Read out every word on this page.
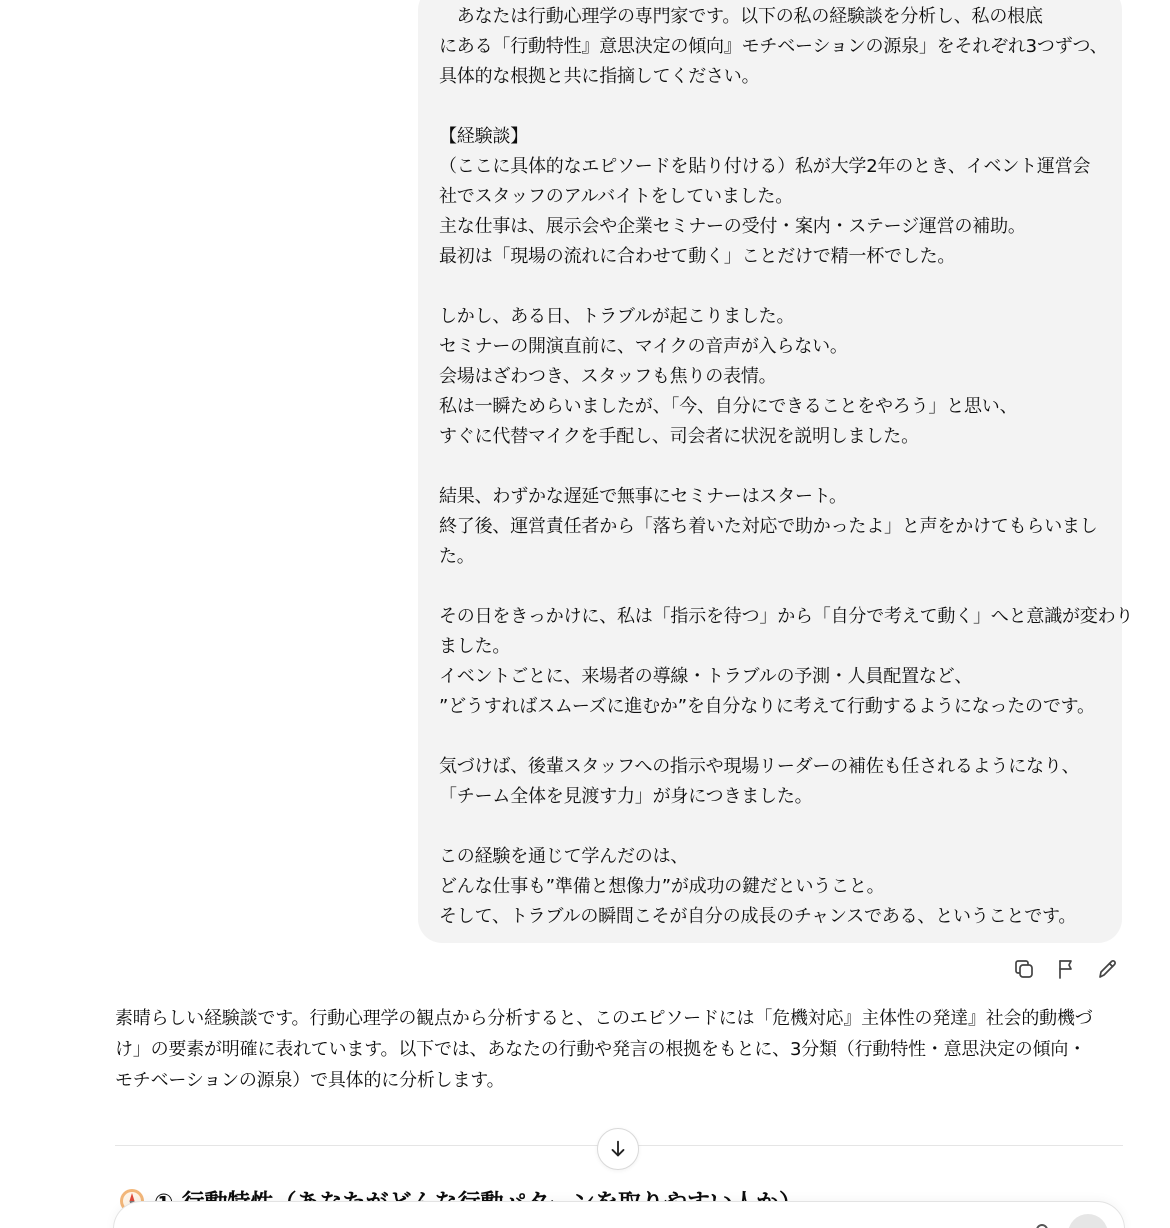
　あなたは行動心理学の専門家です。以下の私の経験談を分析し、私の根底
にある「行動特性』意思決定の傾向』モチベーションの源泉」をそれぞれ3つずつ、
具体的な根拠と共に指摘してください。
【経験談】
（ここに具体的なエピソードを貼り付ける）私が大学2年のとき、イベント運営会
社でスタッフのアルバイトをしていました。
主な仕事は、展示会や企業セミナーの受付・案内・ステージ運営の補助。
最初は「現場の流れに合わせて動く」ことだけで精一杯でした。
しかし、ある日、トラブルが起こりました。
セミナーの開演直前に、マイクの音声が入らない。
会場はざわつき、スタッフも焦りの表情。
私は一瞬ためらいましたが、「今、自分にできることをやろう」と思い、
すぐに代替マイクを手配し、司会者に状況を説明しました。
結果、わずかな遅延で無事にセミナーはスタート。
終了後、運営責任者から「落ち着いた対応で助かったよ」と声をかけてもらいまし
た。
その日をきっかけに、私は「指示を待つ」から「自分で考えて動く」へと意識が変わり
ました。
イベントごとに、来場者の導線・トラブルの予測・人員配置など、
”どうすればスムーズに進むか”を自分なりに考えて行動するようになったのです。
気づけば、後輩スタッフへの指示や現場リーダーの補佐も任されるようになり、
「チーム全体を見渡す力」が身につきました。
この経験を通じて学んだのは、
どんな仕事も”準備と想像力”が成功の鍵だということ。
そして、トラブルの瞬間こそが自分の成長のチャンスである、ということです。
素晴らしい経験談です。行動心理学の観点から分析すると、このエピソードには「危機対応』主体性の発達』社会的動機づ
け」の要素が明確に表れています。以下では、あなたの行動や発言の根拠をもとに、3分類（行動特性・意思決定の傾向・
モチベーションの源泉）で具体的に分析します。
